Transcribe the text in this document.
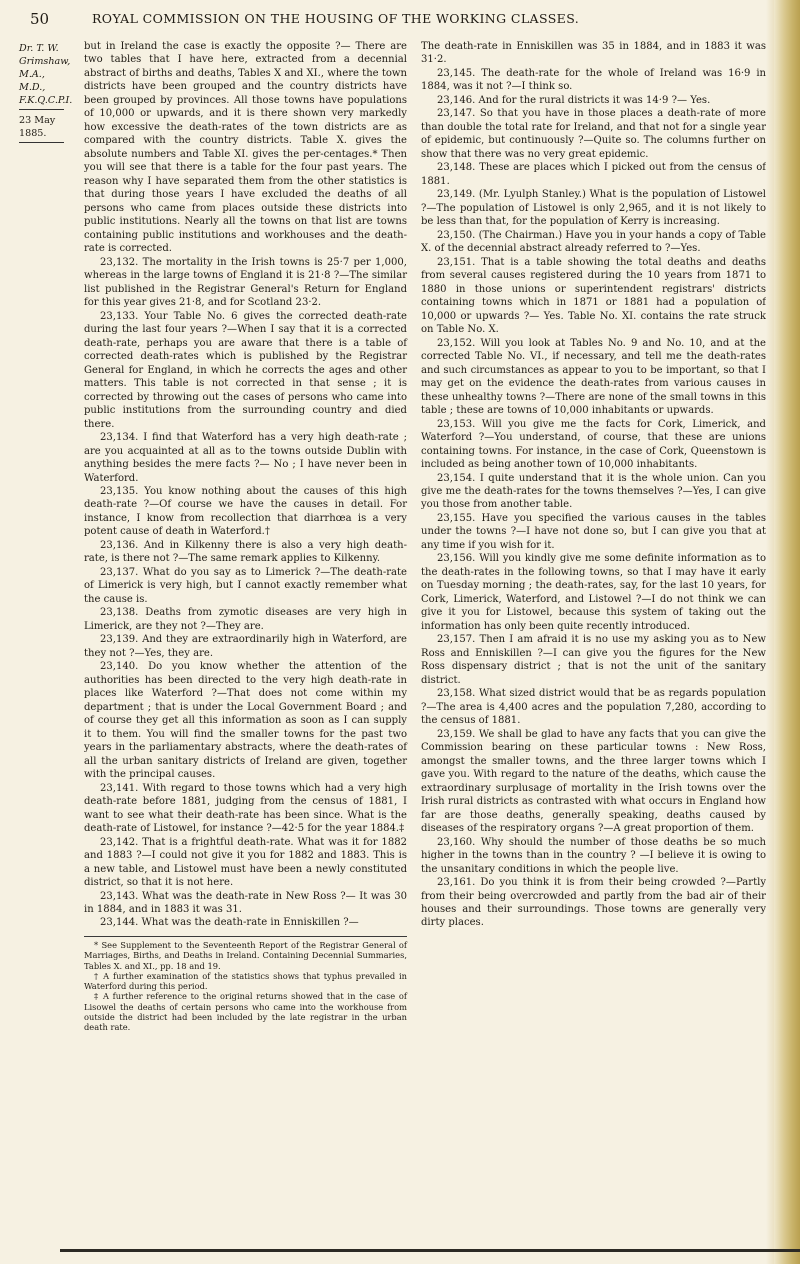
50	ROYAL COMMISSION ON THE HOUSING OF THE WORKING CLASSES.
Dr. T. W. Grimshaw,
M.A., M.D.,
F.K.Q.C.P.I.
23 May 1885.

but in Ireland the case is exactly the opposite ?— There are two tables that I have here, extracted from a decennial abstract of births and deaths, Tables X and XI., where the town districts have been grouped and the country districts have been grouped by provinces. All those towns have populations of 10,000 or upwards, and it is there shown very markedly how excessive the death-rates of the town districts are as compared with the country districts. Table X. gives the absolute numbers and Table XI. gives the per-centages.* Then you will see that there is a table for the four past years. The reason why I have separated them from the other statistics is that during those years I have excluded the deaths of all persons who came from places outside these districts into public institutions. Nearly all the towns on that list are towns containing public institutions and workhouses and the death-rate is corrected.

23,132. The mortality in the Irish towns is 25·7 per 1,000, whereas in the large towns of England it is 21·8 ?—The similar list published in the Registrar General's Return for England for this year gives 21·8, and for Scotland 23·2.

23,133. Your Table No. 6 gives the corrected death-rate during the last four years ?—When I say that it is a corrected death-rate, perhaps you are aware that there is a table of corrected death-rates which is published by the Registrar General for England, in which he corrects the ages and other matters. This table is not corrected in that sense ; it is corrected by throwing out the cases of persons who came into public institutions from the surrounding country and died there.

23,134. I find that Waterford has a very high death-rate ; are you acquainted at all as to the towns outside Dublin with anything besides the mere facts ?— No ; I have never been in Waterford.

23,135. You know nothing about the causes of this high death-rate ?—Of course we have the causes in detail. For instance, I know from recollection that diarrhœa is a very potent cause of death in Waterford.†

23,136. And in Kilkenny there is also a very high death-rate, is there not ?—The same remark applies to Kilkenny.

23,137. What do you say as to Limerick ?—The death-rate of Limerick is very high, but I cannot exactly remember what the cause is.

23,138. Deaths from zymotic diseases are very high in Limerick, are they not ?—They are.

23,139. And they are extraordinarily high in Waterford, are they not ?—Yes, they are.

23,140. Do you know whether the attention of the authorities has been directed to the very high death-rate in places like Waterford ?—That does not come within my department ; that is under the Local Government Board ; and of course they get all this information as soon as I can supply it to them. You will find the smaller towns for the past two years in the parliamentary abstracts, where the death-rates of all the urban sanitary districts of Ireland are given, together with the principal causes.

23,141. With regard to those towns which had a very high death-rate before 1881, judging from the census of 1881, I want to see what their death-rate has been since. What is the death-rate of Listowel, for instance ?—42·5 for the year 1884.‡

23,142. That is a frightful death-rate. What was it for 1882 and 1883 ?—I could not give it you for 1882 and 1883. This is a new table, and Listowel must have been a newly constituted district, so that it is not here.

23,143. What was the death-rate in New Ross ?— It was 30 in 1884, and in 1883 it was 31.

23,144. What was the death-rate in Enniskillen ?—

* See Supplement to the Seventeenth Report of the Registrar General of Marriages, Births, and Deaths in Ireland. Containing Decennial Summaries, Tables X. and XI., pp. 18 and 19.

† A further examination of the statistics shows that typhus prevailed in Waterford during this period.

‡ A further reference to the original returns showed that in the case of Lisowel the deaths of certain persons who came into the workhouse from outside the district had been included by the late registrar in the urban death rate.

The death-rate in Enniskillen was 35 in 1884, and in 1883 it was 31·2.

23,145. The death-rate for the whole of Ireland was 16·9 in 1884, was it not ?—I think so.

23,146. And for the rural districts it was 14·9 ?— Yes.

23,147. So that you have in those places a death-rate of more than double the total rate for Ireland, and that not for a single year of epidemic, but continuously ?—Quite so. The columns further on show that there was no very great epidemic.

23,148. These are places which I picked out from the census of 1881.

23,149. (Mr. Lyulph Stanley.) What is the population of Listowel ?—The population of Listowel is only 2,965, and it is not likely to be less than that, for the population of Kerry is increasing.

23,150. (The Chairman.) Have you in your hands a copy of Table X. of the decennial abstract already referred to ?—Yes.

23,151. That is a table showing the total deaths and deaths from several causes registered during the 10 years from 1871 to 1880 in those unions or superintendent registrars' districts containing towns which in 1871 or 1881 had a population of 10,000 or upwards ?— Yes. Table No. XI. contains the rate struck on Table No. X.

23,152. Will you look at Tables No. 9 and No. 10, and at the corrected Table No. VI., if necessary, and tell me the death-rates and such circumstances as appear to you to be important, so that I may get on the evidence the death-rates from various causes in these unhealthy towns ?—There are none of the small towns in this table ; these are towns of 10,000 inhabitants or upwards.

23,153. Will you give me the facts for Cork, Limerick, and Waterford ?—You understand, of course, that these are unions containing towns. For instance, in the case of Cork, Queenstown is included as being another town of 10,000 inhabitants.

23,154. I quite understand that it is the whole union. Can you give me the death-rates for the towns themselves ?—Yes, I can give you those from another table.

23,155. Have you specified the various causes in the tables under the towns ?—I have not done so, but I can give you that at any time if you wish for it.

23,156. Will you kindly give me some definite information as to the death-rates in the following towns, so that I may have it early on Tuesday morning ; the death-rates, say, for the last 10 years, for Cork, Limerick, Waterford, and Listowel ?—I do not think we can give it you for Listowel, because this system of taking out the information has only been quite recently introduced.

23,157. Then I am afraid it is no use my asking you as to New Ross and Enniskillen ?—I can give you the figures for the New Ross dispensary district ; that is not the unit of the sanitary district.

23,158. What sized district would that be as regards population ?—The area is 4,400 acres and the population 7,280, according to the census of 1881.

23,159. We shall be glad to have any facts that you can give the Commission bearing on these particular towns : New Ross, amongst the smaller towns, and the three larger towns which I gave you. With regard to the nature of the deaths, which cause the extraordinary surplusage of mortality in the Irish towns over the Irish rural districts as contrasted with what occurs in England how far are those deaths, generally speaking, deaths caused by diseases of the respiratory organs ?—A great proportion of them.

23,160. Why should the number of those deaths be so much higher in the towns than in the country ? —I believe it is owing to the unsanitary conditions in which the people live.

23,161. Do you think it is from their being crowded ?—Partly from their being overcrowded and partly from the bad air of their houses and their surroundings. Those towns are generally very dirty places.
